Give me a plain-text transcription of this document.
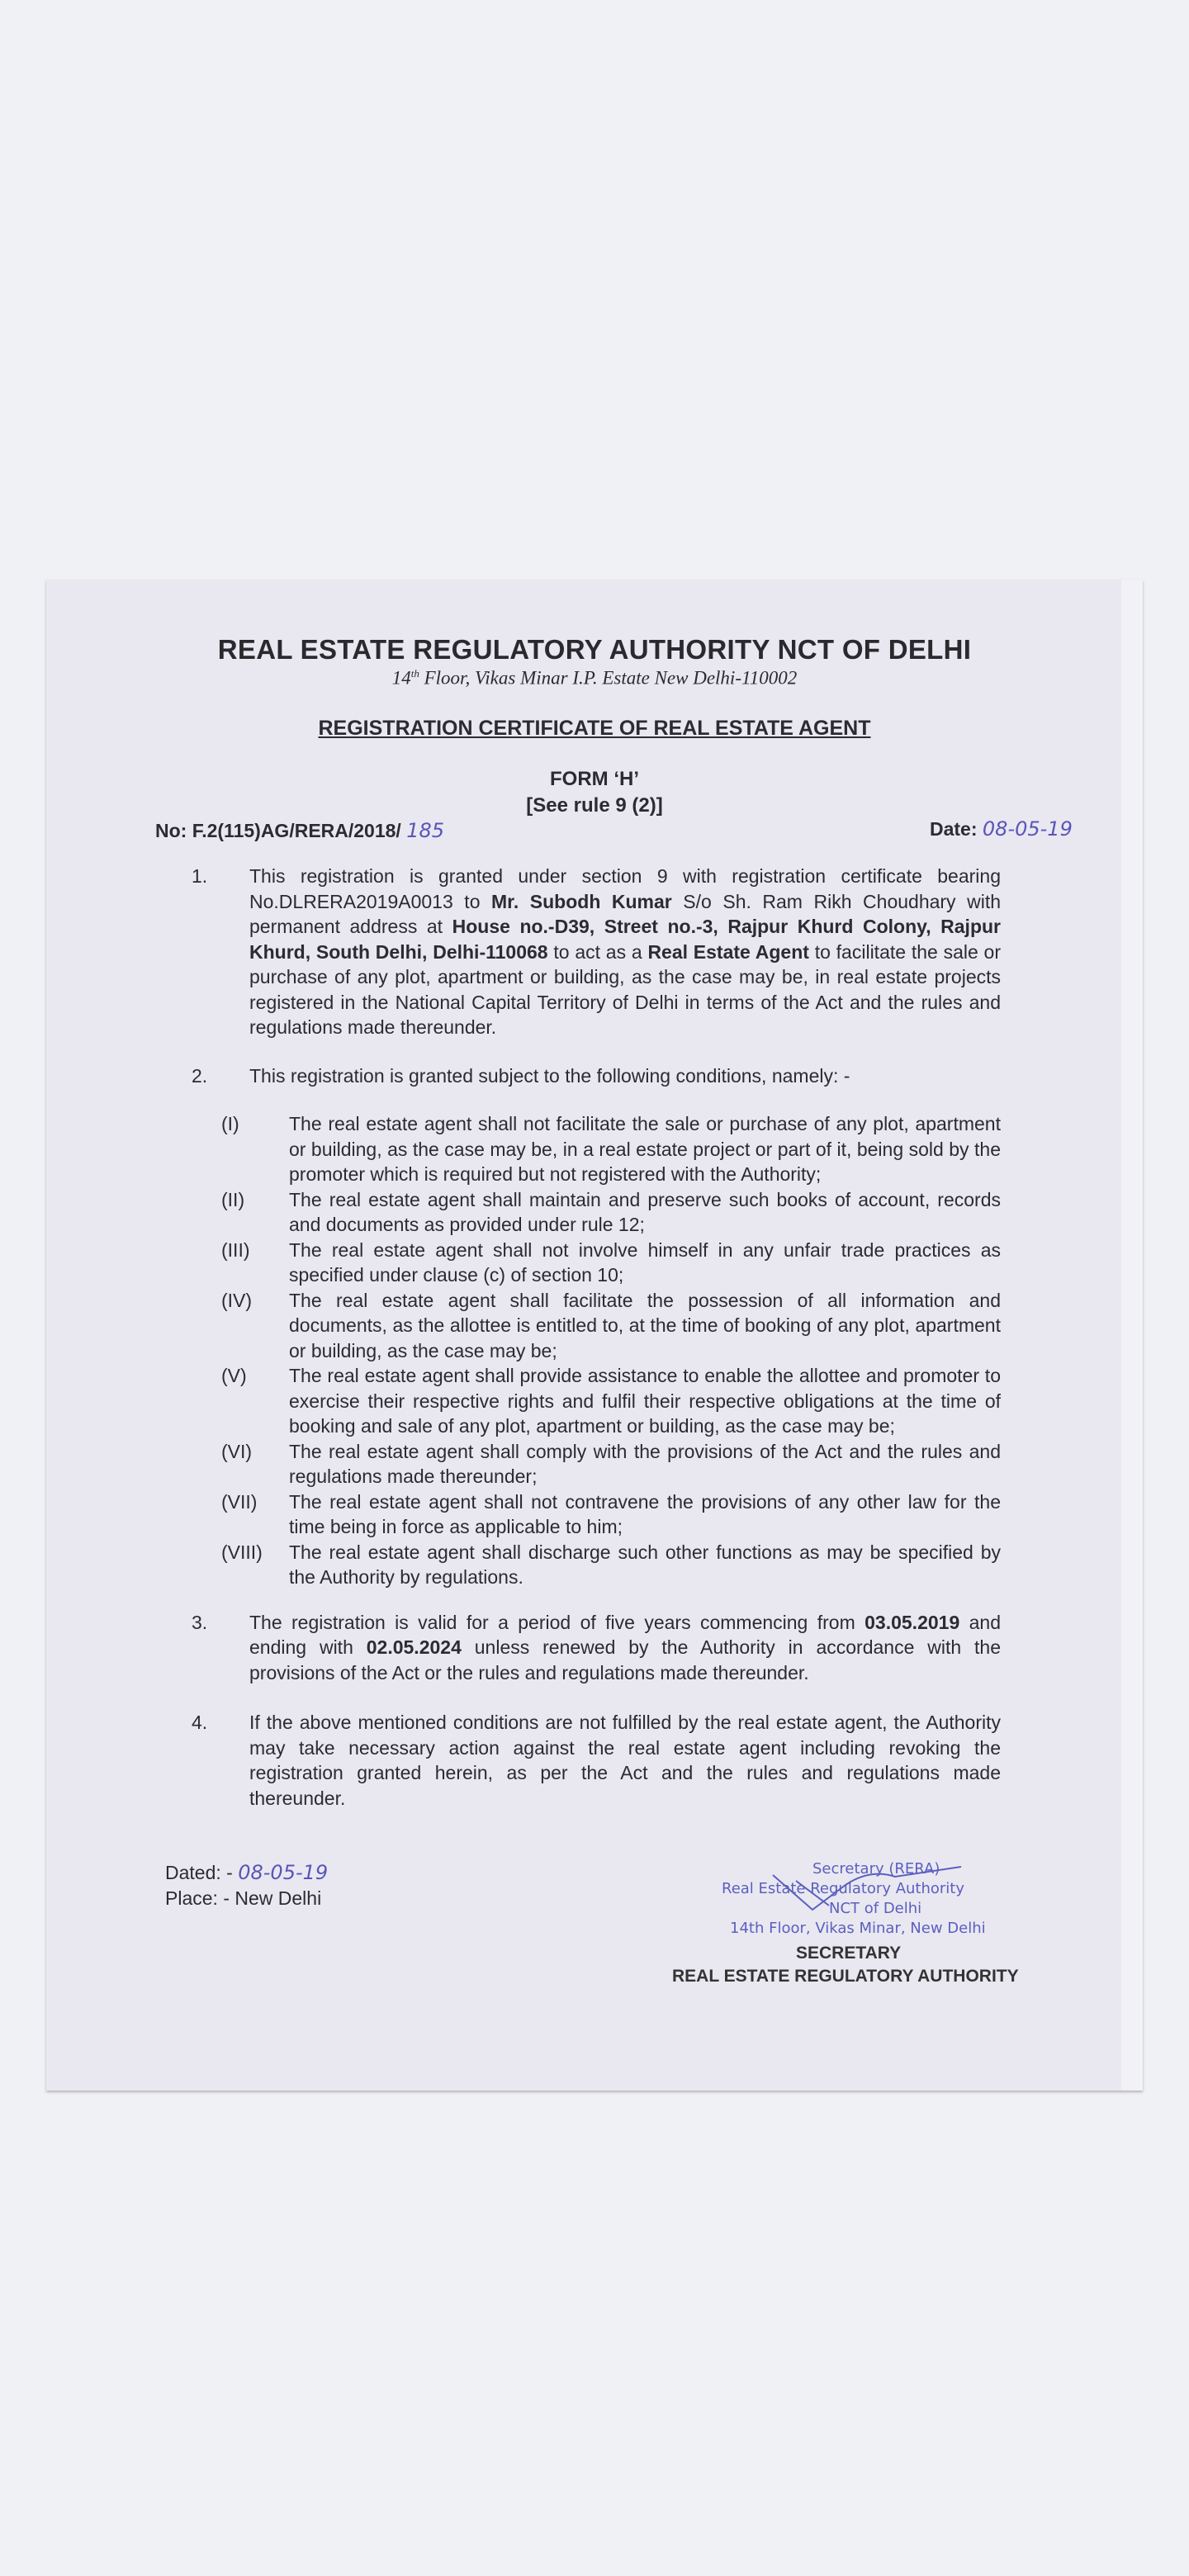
REAL ESTATE REGULATORY AUTHORITY NCT OF DELHI
14th Floor, Vikas Minar I.P. Estate New Delhi-110002
REGISTRATION CERTIFICATE OF REAL ESTATE AGENT
FORM ‘H’
[See rule 9 (2)]
No: F.2(115)AG/RERA/2018/ 185	Date: 08-05-19
1.	This registration is granted under section 9 with registration certificate bearing No.DLRERA2019A0013 to Mr. Subodh Kumar S/o Sh. Ram Rikh Choudhary with permanent address at House no.-D39, Street no.-3, Rajpur Khurd Colony, Rajpur Khurd, South Delhi, Delhi-110068 to act as a Real Estate Agent to facilitate the sale or purchase of any plot, apartment or building, as the case may be, in real estate projects registered in the National Capital Territory of Delhi in terms of the Act and the rules and regulations made thereunder.
2.	This registration is granted subject to the following conditions, namely: -
(I)	The real estate agent shall not facilitate the sale or purchase of any plot, apartment or building, as the case may be, in a real estate project or part of it, being sold by the promoter which is required but not registered with the Authority;
(II)	The real estate agent shall maintain and preserve such books of account, records and documents as provided under rule 12;
(III)	The real estate agent shall not involve himself in any unfair trade practices as specified under clause (c) of section 10;
(IV)	The real estate agent shall facilitate the possession of all information and documents, as the allottee is entitled to, at the time of booking of any plot, apartment or building, as the case may be;
(V)	The real estate agent shall provide assistance to enable the allottee and promoter to exercise their respective rights and fulfil their respective obligations at the time of booking and sale of any plot, apartment or building, as the case may be;
(VI)	The real estate agent shall comply with the provisions of the Act and the rules and regulations made thereunder;
(VII)	The real estate agent shall not contravene the provisions of any other law for the time being in force as applicable to him;
(VIII)	The real estate agent shall discharge such other functions as may be specified by the Authority by regulations.
3.	The registration is valid for a period of five years commencing from 03.05.2019 and ending with 02.05.2024 unless renewed by the Authority in accordance with the provisions of the Act or the rules and regulations made thereunder.
4.	If the above mentioned conditions are not fulfilled by the real estate agent, the Authority may take necessary action against the real estate agent including revoking the registration granted herein, as per the Act and the rules and regulations made thereunder.
Dated: - 08-05-19
Place: - New Delhi
Secretary (RERA)
Real Estate Regulatory Authority
NCT of Delhi
14th Floor, Vikas Minar, New Delhi
SECRETARY
REAL ESTATE REGULATORY AUTHORITY
